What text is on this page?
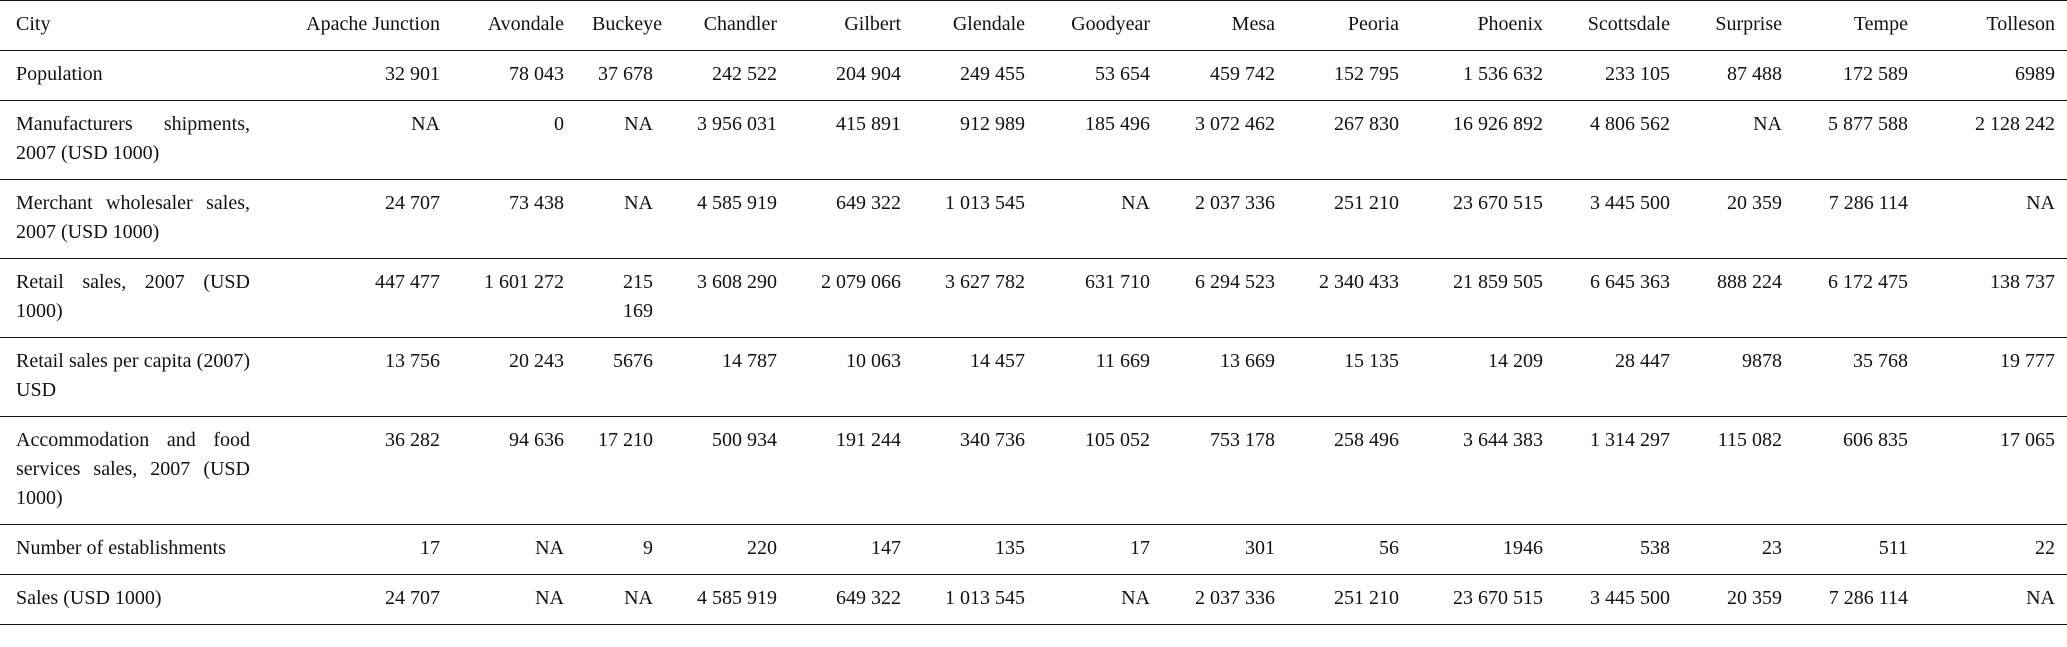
City	Apache Junction	Avondale	Buckeye	Chandler	Gilbert	Glendale	Goodyear	Mesa	Peoria	Phoenix	Scottsdale	Surprise	Tempe	Tolleson
Population	32 901	78 043	37 678	242 522	204 904	249 455	53 654	459 742	152 795	1 536 632	233 105	87 488	172 589	6989
Manufacturers shipments, 2007 (USD 1000)	NA	0	NA	3 956 031	415 891	912 989	185 496	3 072 462	267 830	16 926 892	4 806 562	NA	5 877 588	2 128 242
Merchant wholesaler sales, 2007 (USD 1000)	24 707	73 438	NA	4 585 919	649 322	1 013 545	NA	2 037 336	251 210	23 670 515	3 445 500	20 359	7 286 114	NA
Retail sales, 2007 (USD 1000)	447 477	1 601 272	215 169	3 608 290	2 079 066	3 627 782	631 710	6 294 523	2 340 433	21 859 505	6 645 363	888 224	6 172 475	138 737
Retail sales per capita (2007) USD	13 756	20 243	5676	14 787	10 063	14 457	11 669	13 669	15 135	14 209	28 447	9878	35 768	19 777
Accommodation and food services sales, 2007 (USD 1000)	36 282	94 636	17 210	500 934	191 244	340 736	105 052	753 178	258 496	3 644 383	1 314 297	115 082	606 835	17 065
Number of establishments	17	NA	9	220	147	135	17	301	56	1946	538	23	511	22
Sales (USD 1000)	24 707	NA	NA	4 585 919	649 322	1 013 545	NA	2 037 336	251 210	23 670 515	3 445 500	20 359	7 286 114	NA
